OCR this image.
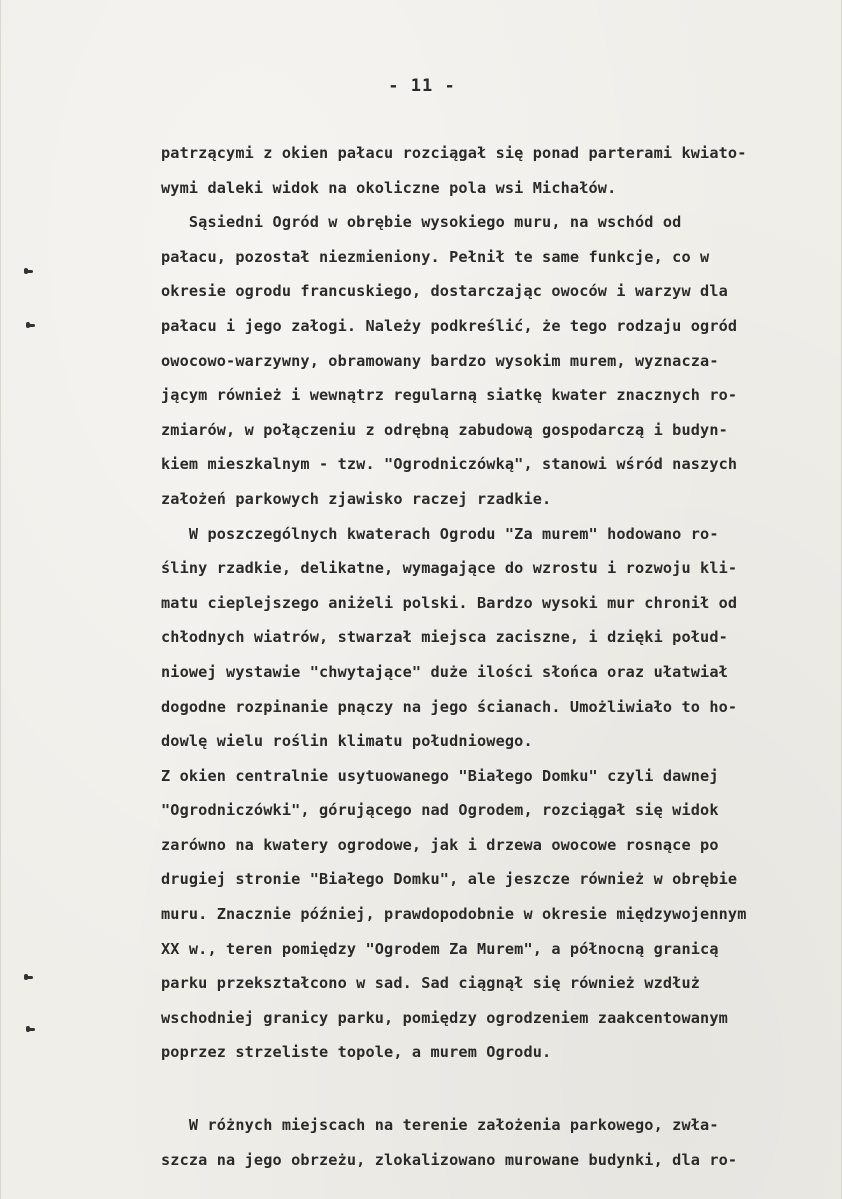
- 11 -
patrzącymi z okien pałacu rozciągał się ponad parterami kwiato-
wymi daleki widok na okoliczne pola wsi Michałów.
Sąsiedni Ogród w obrębie wysokiego muru, na wschód od
pałacu, pozostał niezmieniony. Pełnił te same funkcje, co w
okresie ogrodu francuskiego, dostarczając owoców i warzyw dla
pałacu i jego załogi. Należy podkreślić, że tego rodzaju ogród
owocowo-warzywny, obramowany bardzo wysokim murem, wyznacza-
jącym również i wewnątrz regularną siatkę kwater znacznych ro-
zmiarów, w połączeniu z odrębną zabudową gospodarczą i budyn-
kiem mieszkalnym - tzw. "Ogrodniczówką", stanowi wśród naszych
założeń parkowych zjawisko raczej rzadkie.
W poszczególnych kwaterach Ogrodu "Za murem" hodowano ro-
śliny rzadkie, delikatne, wymagające do wzrostu i rozwoju kli-
matu cieplejszego aniżeli polski. Bardzo wysoki mur chronił od
chłodnych wiatrów, stwarzał miejsca zaciszne, i dzięki połud-
niowej wystawie "chwytające" duże ilości słońca oraz ułatwiał
dogodne rozpinanie pnączy na jego ścianach. Umożliwiało to ho-
dowlę wielu roślin klimatu południowego.
Z okien centralnie usytuowanego "Białego Domku" czyli dawnej
"Ogrodniczówki", górującego nad Ogrodem, rozciągał się widok
zarówno na kwatery ogrodowe, jak i drzewa owocowe rosnące po
drugiej stronie "Białego Domku", ale jeszcze również w obrębie
muru. Znacznie później, prawdopodobnie w okresie międzywojennym
XX w., teren pomiędzy "Ogrodem Za Murem", a północną granicą
parku przekształcono w sad. Sad ciągnął się również wzdłuż
wschodniej granicy parku, pomiędzy ogrodzeniem zaakcentowanym
poprzez strzeliste topole, a murem Ogrodu.
W różnych miejscach na terenie założenia parkowego, zwła-
szcza na jego obrzeżu, zlokalizowano murowane budynki, dla ro-
